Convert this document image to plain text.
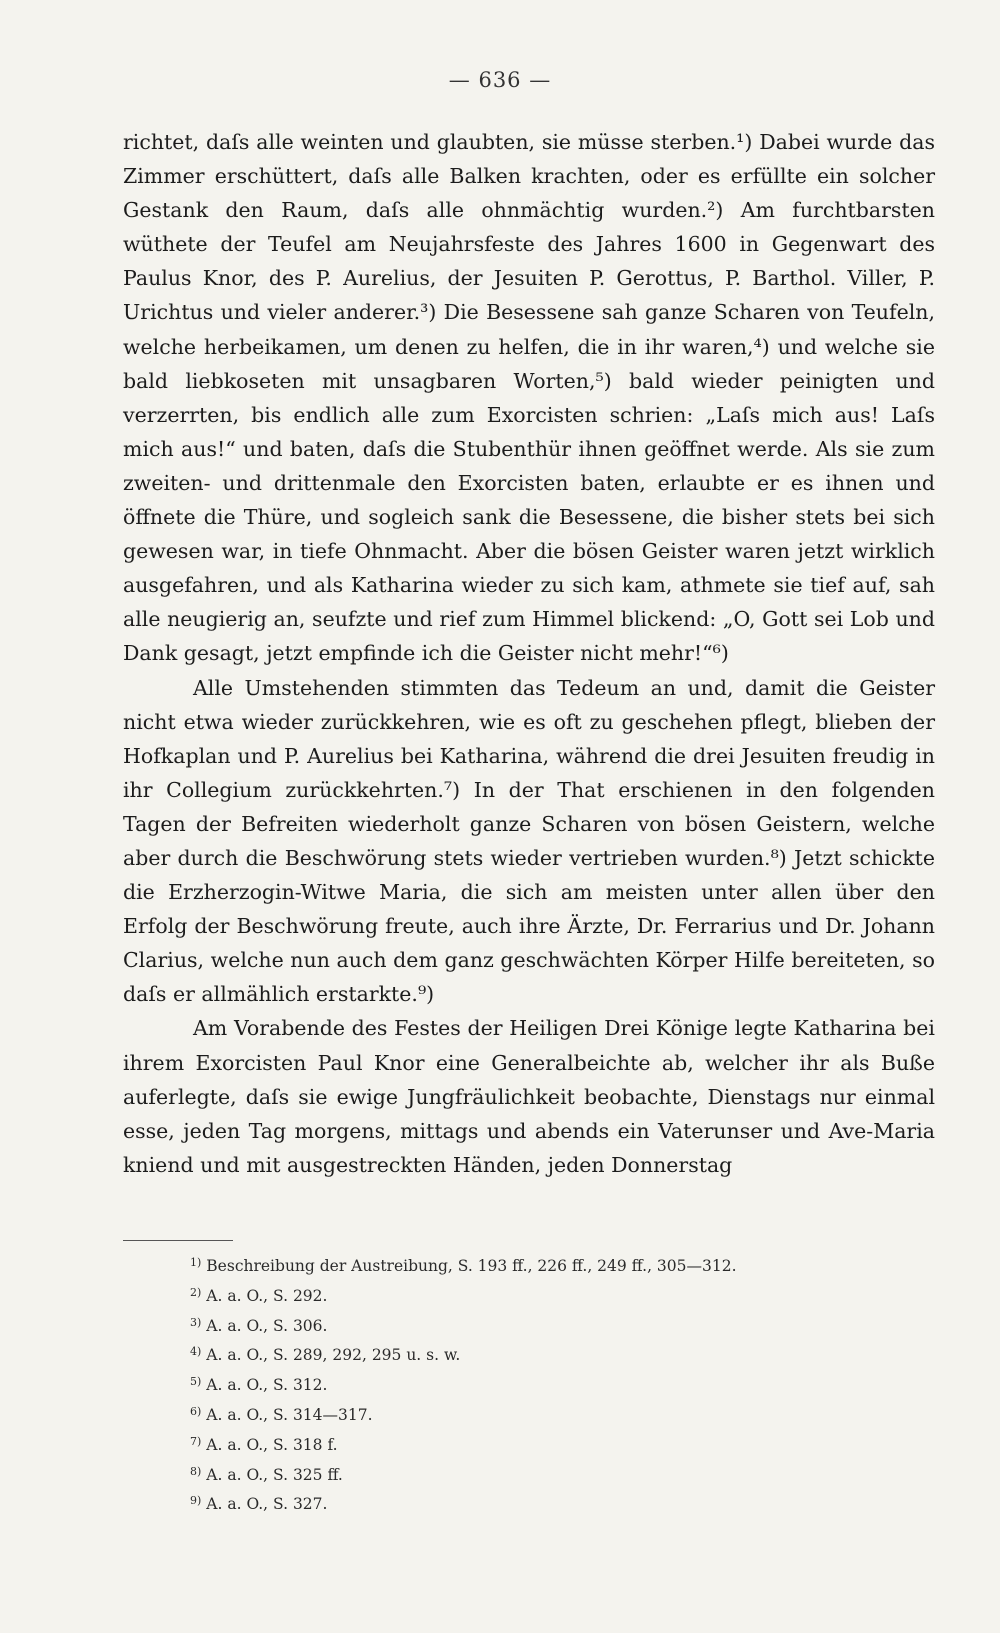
— 636 —

richtet, daſs alle weinten und glaubten, sie müsse sterben.¹) Dabei wurde das Zimmer erschüttert, daſs alle Balken krachten, oder es erfüllte ein solcher Gestank den Raum, daſs alle ohnmächtig wurden.²) Am furchtbarsten wüthete der Teufel am Neujahrsfeste des Jahres 1600 in Gegenwart des Paulus Knor, des P. Aurelius, der Jesuiten P. Gerottus, P. Barthol. Viller, P. Urichtus und vieler anderer.³) Die Besessene sah ganze Scharen von Teufeln, welche herbeikamen, um denen zu helfen, die in ihr waren,⁴) und welche sie bald liebkoseten mit unsagbaren Worten,⁵) bald wieder peinigten und verzerrten, bis endlich alle zum Exorcisten schrien: „Laſs mich aus! Laſs mich aus!“ und baten, daſs die Stubenthür ihnen geöffnet werde. Als sie zum zweiten- und drittenmale den Exorcisten baten, erlaubte er es ihnen und öffnete die Thüre, und sogleich sank die Besessene, die bisher stets bei sich gewesen war, in tiefe Ohnmacht. Aber die bösen Geister waren jetzt wirklich ausgefahren, und als Katharina wieder zu sich kam, athmete sie tief auf, sah alle neugierig an, seufzte und rief zum Himmel blickend: „O, Gott sei Lob und Dank gesagt, jetzt empfinde ich die Geister nicht mehr!“⁶)

Alle Umstehenden stimmten das Tedeum an und, damit die Geister nicht etwa wieder zurückkehren, wie es oft zu geschehen pflegt, blieben der Hofkaplan und P. Aurelius bei Katharina, während die drei Jesuiten freudig in ihr Collegium zurückkehrten.⁷) In der That erschienen in den folgenden Tagen der Befreiten wiederholt ganze Scharen von bösen Geistern, welche aber durch die Beschwörung stets wieder vertrieben wurden.⁸) Jetzt schickte die Erzherzogin-Witwe Maria, die sich am meisten unter allen über den Erfolg der Beschwörung freute, auch ihre Ärzte, Dr. Ferrarius und Dr. Johann Clarius, welche nun auch dem ganz geschwächten Körper Hilfe bereiteten, so daſs er allmählich erstarkte.⁹)

Am Vorabende des Festes der Heiligen Drei Könige legte Katharina bei ihrem Exorcisten Paul Knor eine Generalbeichte ab, welcher ihr als Buße auferlegte, daſs sie ewige Jungfräulichkeit beobachte, Dienstags nur einmal esse, jeden Tag morgens, mittags und abends ein Vaterunser und Ave-Maria kniend und mit ausgestreckten Händen, jeden Donnerstag

$^{1)}$ Beschreibung der Austreibung, S. 193 ff., 226 ff., 249 ff., 305—312.
$^{2)}$ A. a. O., S. 292.
$^{3)}$ A. a. O., S. 306.
$^{4)}$ A. a. O., S. 289, 292, 295 u. s. w.
$^{5)}$ A. a. O., S. 312.
$^{6)}$ A. a. O., S. 314—317.
$^{7)}$ A. a. O., S. 318 f.
$^{8)}$ A. a. O., S. 325 ff.
$^{9)}$ A. a. O., S. 327.
